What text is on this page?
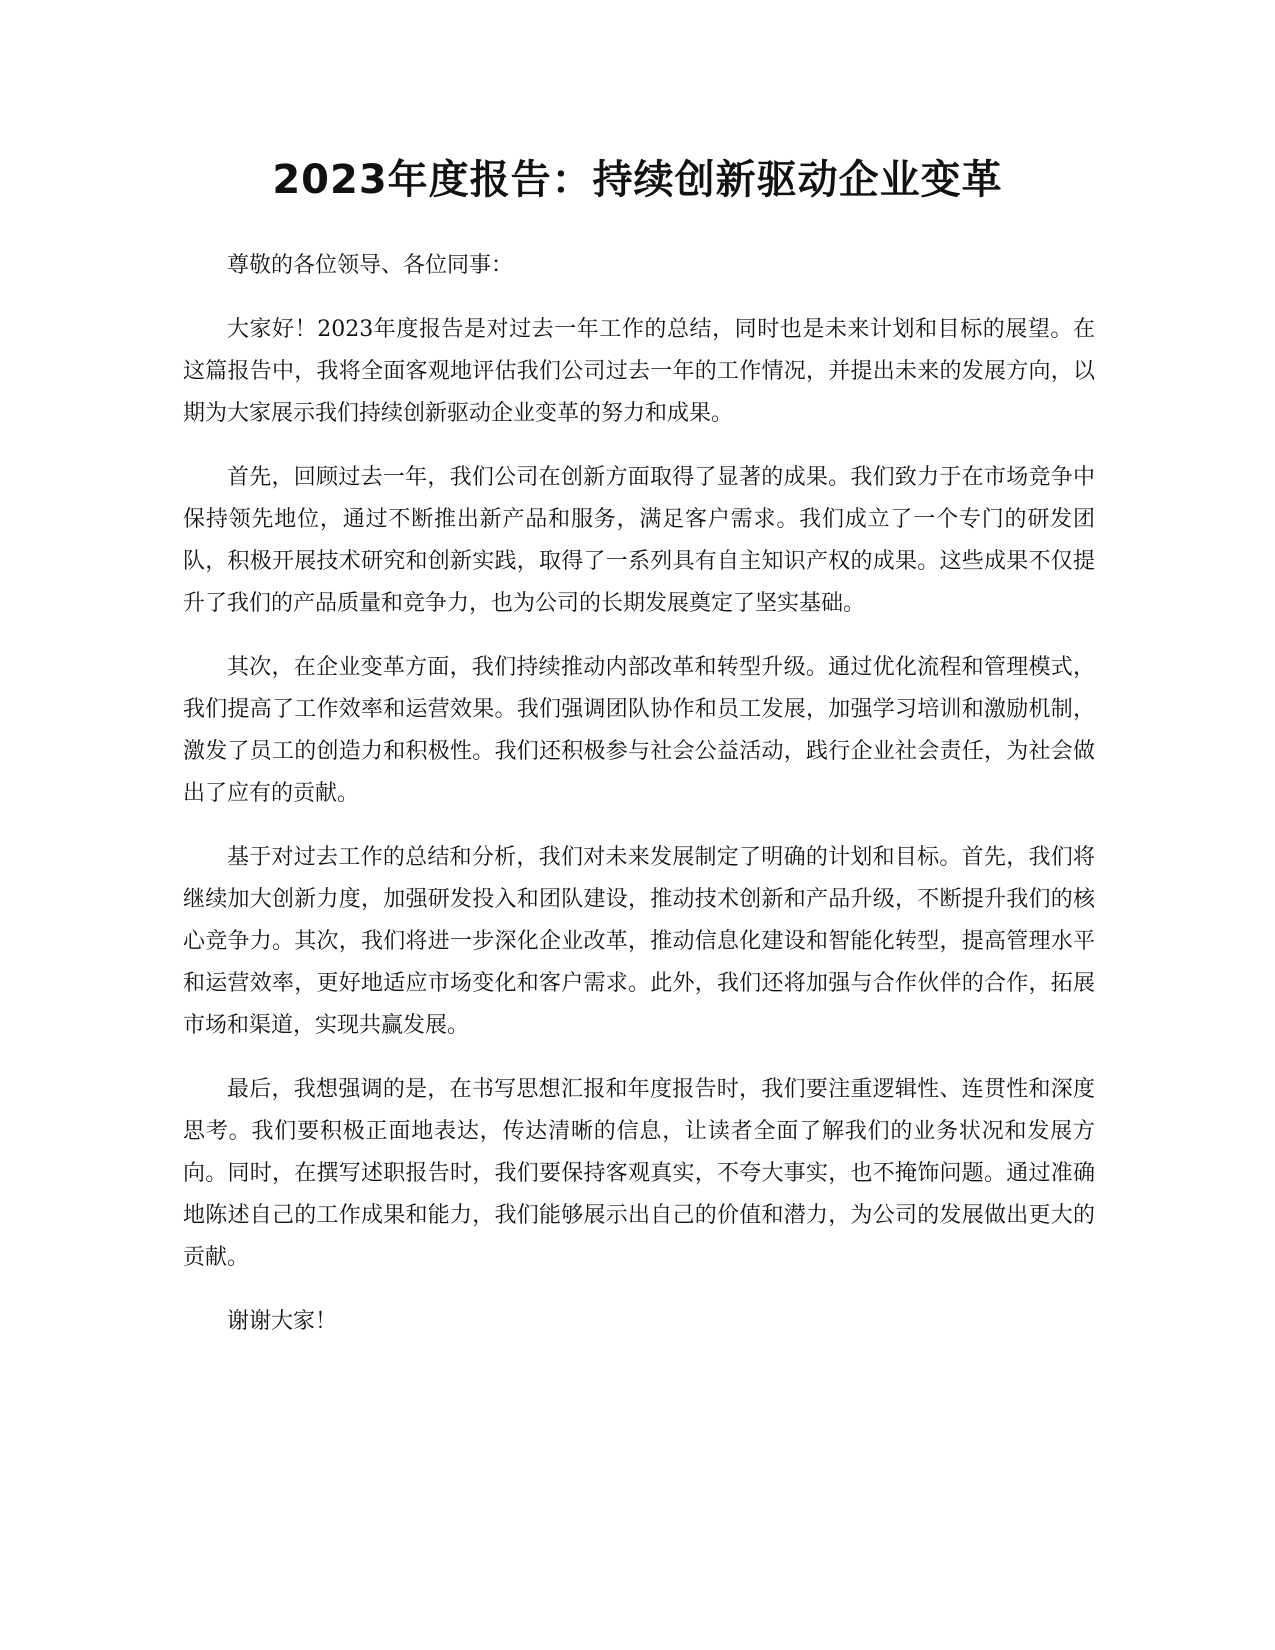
2023年度报告：持续创新驱动企业变革

尊敬的各位领导、各位同事：

大家好！2023年度报告是对过去一年工作的总结，同时也是未来计划和目标的展望。在这篇报告中，我将全面客观地评估我们公司过去一年的工作情况，并提出未来的发展方向，以期为大家展示我们持续创新驱动企业变革的努力和成果。

首先，回顾过去一年，我们公司在创新方面取得了显著的成果。我们致力于在市场竞争中保持领先地位，通过不断推出新产品和服务，满足客户需求。我们成立了一个专门的研发团队，积极开展技术研究和创新实践，取得了一系列具有自主知识产权的成果。这些成果不仅提升了我们的产品质量和竞争力，也为公司的长期发展奠定了坚实基础。

其次，在企业变革方面，我们持续推动内部改革和转型升级。通过优化流程和管理模式，我们提高了工作效率和运营效果。我们强调团队协作和员工发展，加强学习培训和激励机制，激发了员工的创造力和积极性。我们还积极参与社会公益活动，践行企业社会责任，为社会做出了应有的贡献。

基于对过去工作的总结和分析，我们对未来发展制定了明确的计划和目标。首先，我们将继续加大创新力度，加强研发投入和团队建设，推动技术创新和产品升级，不断提升我们的核心竞争力。其次，我们将进一步深化企业改革，推动信息化建设和智能化转型，提高管理水平和运营效率，更好地适应市场变化和客户需求。此外，我们还将加强与合作伙伴的合作，拓展市场和渠道，实现共赢发展。

最后，我想强调的是，在书写思想汇报和年度报告时，我们要注重逻辑性、连贯性和深度思考。我们要积极正面地表达，传达清晰的信息，让读者全面了解我们的业务状况和发展方向。同时，在撰写述职报告时，我们要保持客观真实，不夸大事实，也不掩饰问题。通过准确地陈述自己的工作成果和能力，我们能够展示出自己的价值和潜力，为公司的发展做出更大的贡献。

谢谢大家！
